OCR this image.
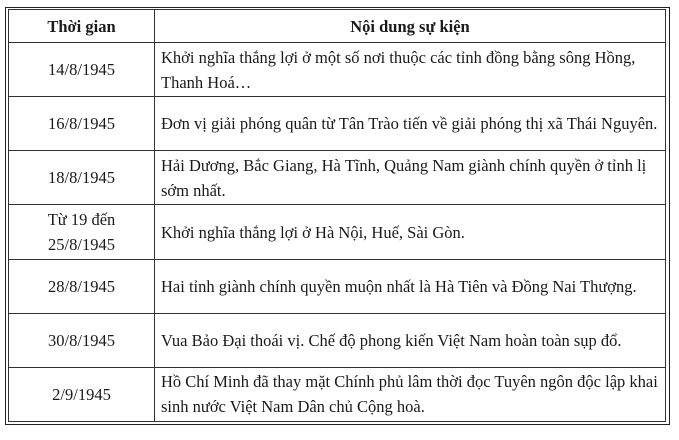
Thời gian	Nội dung sự kiện
14/8/1945	Khởi nghĩa thắng lợi ở một số nơi thuộc các tỉnh đồng bằng sông Hồng, Thanh Hoá…
16/8/1945	Đơn vị giải phóng quân từ Tân Trào tiến về giải phóng thị xã Thái Nguyên.
18/8/1945	Hải Dương, Bắc Giang, Hà Tĩnh, Quảng Nam giành chính quyền ở tỉnh lị sớm nhất.
Từ 19 đến 25/8/1945	Khởi nghĩa thắng lợi ở Hà Nội, Huế, Sài Gòn.
28/8/1945	Hai tỉnh giành chính quyền muộn nhất là Hà Tiên và Đồng Nai Thượng.
30/8/1945	Vua Bảo Đại thoái vị. Chế độ phong kiến Việt Nam hoàn toàn sụp đổ.
2/9/1945	Hồ Chí Minh đã thay mặt Chính phủ lâm thời đọc Tuyên ngôn độc lập khai sinh nước Việt Nam Dân chủ Cộng hoà.
